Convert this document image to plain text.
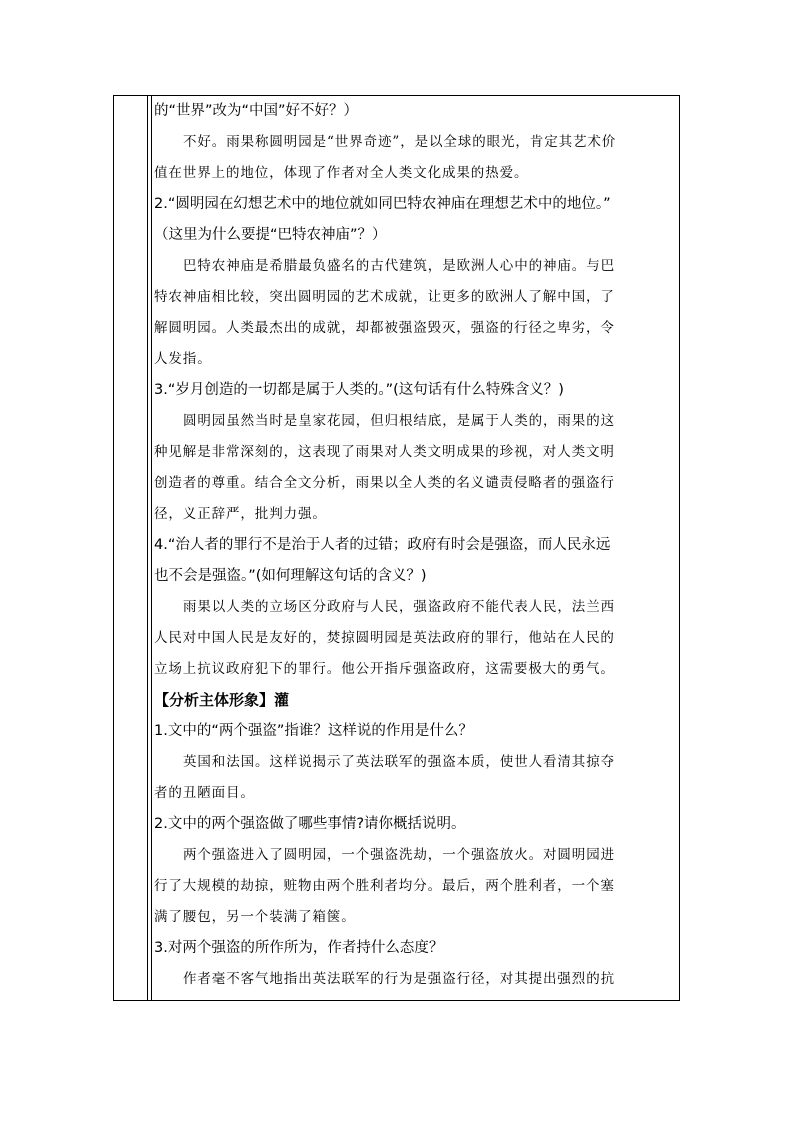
的“世界”改为“中国”好不好？）
不好。雨果称圆明园是“世界奇迹”，是以全球的眼光，肯定其艺术价
值在世界上的地位，体现了作者对全人类文化成果的热爱。
2.“圆明园在幻想艺术中的地位就如同巴特农神庙在理想艺术中的地位。”
（这里为什么要提“巴特农神庙”？）
巴特农神庙是希腊最负盛名的古代建筑，是欧洲人心中的神庙。与巴
特农神庙相比较，突出圆明园的艺术成就，让更多的欧洲人了解中国，了
解圆明园。人类最杰出的成就，却都被强盗毁灭，强盗的行径之卑劣，令
人发指。
3.“岁月创造的一切都是属于人类的。”(这句话有什么特殊含义？)
圆明园虽然当时是皇家花园，但归根结底，是属于人类的，雨果的这
种见解是非常深刻的，这表现了雨果对人类文明成果的珍视，对人类文明
创造者的尊重。结合全文分析，雨果以全人类的名义谴责侵略者的强盗行
径，义正辞严，批判力强。
4.“治人者的罪行不是治于人者的过错；政府有时会是强盗，而人民永远
也不会是强盗。”(如何理解这句话的含义？)
雨果以人类的立场区分政府与人民，强盗政府不能代表人民，法兰西
人民对中国人民是友好的，焚掠圆明园是英法政府的罪行，他站在人民的
立场上抗议政府犯下的罪行。他公开指斥强盗政府，这需要极大的勇气。
【分析主体形象】灌
1.文中的“两个强盗”指谁？这样说的作用是什么？
英国和法国。这样说揭示了英法联军的强盗本质，使世人看清其掠夺
者的丑陋面目。
2.文中的两个强盗做了哪些事情?请你概括说明。
两个强盗进入了圆明园，一个强盗洗劫，一个强盗放火。对圆明园进
行了大规模的劫掠，赃物由两个胜利者均分。最后，两个胜利者，一个塞
满了腰包，另一个装满了箱箧。
3.对两个强盗的所作所为，作者持什么态度？
作者毫不客气地指出英法联军的行为是强盗行径，对其提出强烈的抗
